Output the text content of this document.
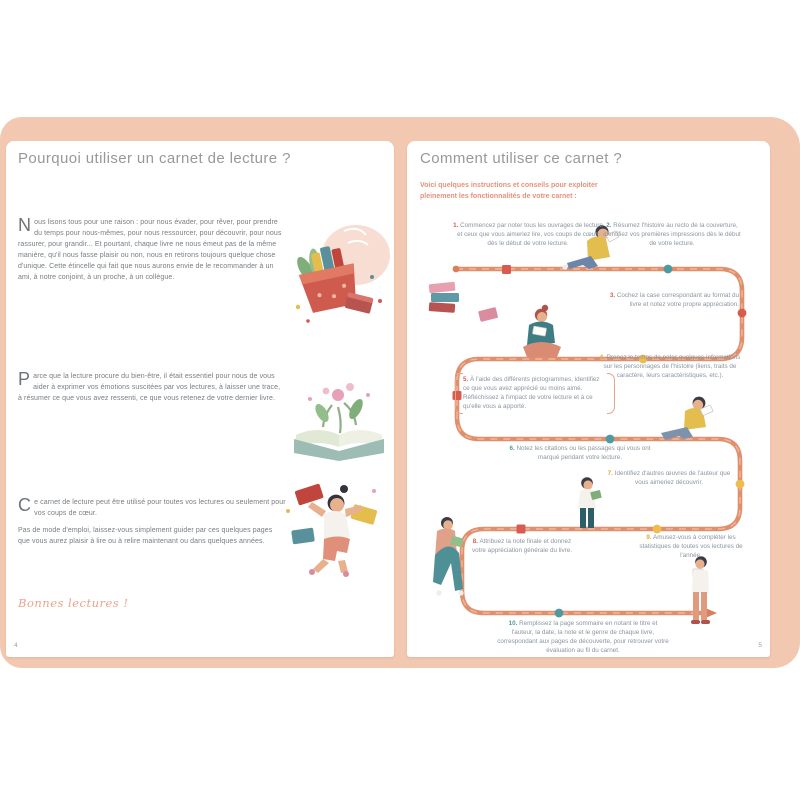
Pourquoi utiliser un carnet de lecture ?
Nous lisons tous pour une raison : pour nous évader, pour rêver, pour prendre du temps pour nous-mêmes, pour nous ressourcer, pour découvrir, pour nous rassurer, pour grandir... Et pourtant, chaque livre ne nous émeut pas de la même manière, qu'il nous fasse plaisir ou non, nous en retirons toujours quelque chose d'unique. Cette étincelle qui fait que nous aurons envie de le recommander à un ami, à notre conjoint, à un proche, à un collègue.
Parce que la lecture procure du bien-être, il était essentiel pour nous de vous aider à exprimer vos émotions suscitées par vos lectures, à laisser une trace, à résumer ce que vous avez ressenti, ce que vous retenez de votre dernier livre.
Ce carnet de lecture peut être utilisé pour toutes vos lectures ou seulement pour vos coups de cœur.
Pas de mode d'emploi, laissez-vous simplement guider par ces quelques pages que vous aurez plaisir à lire ou à relire maintenant ou dans quelques années.
Bonnes lectures !
4
Comment utiliser ce carnet ?
Voici quelques instructions et conseils pour exploiter pleinement les fonctionnalités de votre carnet :
1. Commencez par noter tous les ouvrages de lecture et ceux que vous aimeriez lire, vos coups de cœur, dès le début de votre lecture.
2. Résumez l'histoire au recto de la couverture, identifiez vos premières impressions dès le début de votre lecture.
3. Cochez la case correspondant au format du livre et notez votre propre appréciation.
4. Prenez le temps de noter quelques informations sur les personnages de l'histoire (liens, traits de caractère, leurs caractéristiques, etc.).
5. À l'aide des différents pictogrammes, identifiez ce que vous avez apprécié ou moins aimé. Réfléchissez à l'impact de votre lecture et à ce qu'elle vous a apporté.
6. Notez les citations ou les passages qui vous ont marqué pendant votre lecture.
7. Identifiez d'autres œuvres de l'auteur que vous aimeriez découvrir.
8. Attribuez la note finale et donnez votre appréciation générale du livre.
9. Amusez-vous à compléter les statistiques de toutes vos lectures de l'année.
10. Remplissez la page sommaire en notant le titre et l'auteur, la date, la note et le genre de chaque livre, correspondant aux pages de découverte, pour retrouver votre évaluation au fil du carnet.
5
